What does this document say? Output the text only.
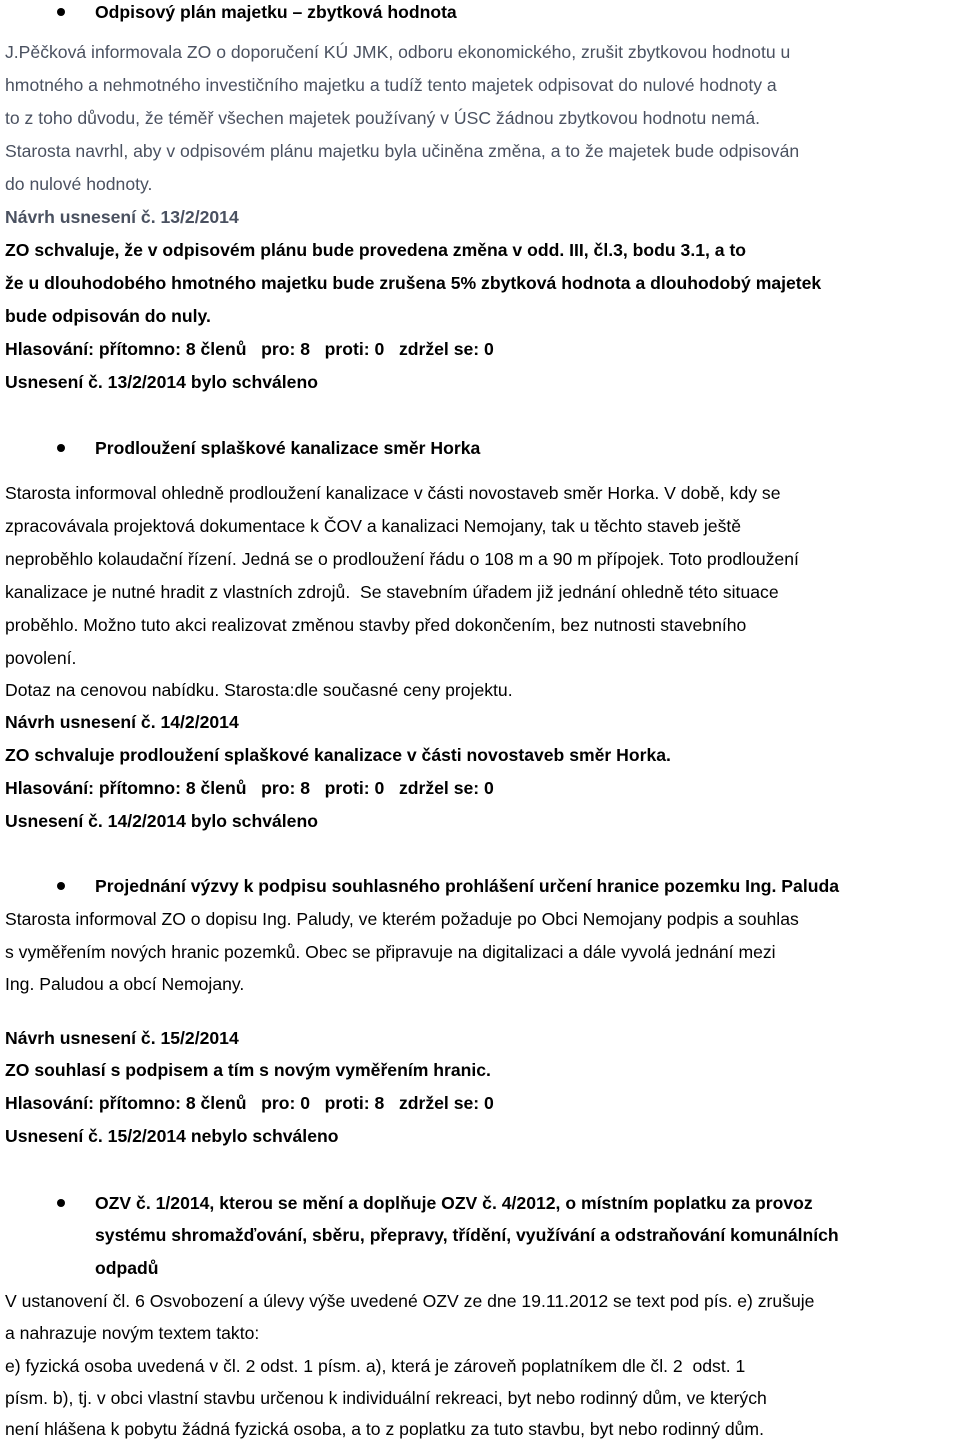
Odpisový plán majetku – zbytková hodnota
J.Pěčková informovala ZO o doporučení KÚ JMK, odboru ekonomického, zrušit zbytkovou hodnotu u
hmotného a nehmotného investičního majetku a tudíž tento majetek odpisovat do nulové hodnoty a
to z toho důvodu, že téměř všechen majetek používaný v ÚSC žádnou zbytkovou hodnotu nemá.
Starosta navrhl, aby v odpisovém plánu majetku byla učiněna změna, a to že majetek bude odpisován
do nulové hodnoty.
Návrh usnesení č. 13/2/2014
ZO schvaluje, že v odpisovém plánu bude provedena změna v odd. III, čl.3, bodu 3.1, a to
že u dlouhodobého hmotného majetku bude zrušena 5% zbytková hodnota a dlouhodobý majetek
bude odpisován do nuly.
Hlasování: přítomno: 8 členů   pro: 8   proti: 0   zdržel se: 0
Usnesení č. 13/2/2014 bylo schváleno
Prodloužení splaškové kanalizace směr Horka
Starosta informoval ohledně prodloužení kanalizace v části novostaveb směr Horka. V době, kdy se
zpracovávala projektová dokumentace k ČOV a kanalizaci Nemojany, tak u těchto staveb ještě
neproběhlo kolaudační řízení. Jedná se o prodloužení řádu o 108 m a 90 m přípojek. Toto prodloužení
kanalizace je nutné hradit z vlastních zdrojů.  Se stavebním úřadem již jednání ohledně této situace
proběhlo. Možno tuto akci realizovat změnou stavby před dokončením, bez nutnosti stavebního
povolení.
Dotaz na cenovou nabídku. Starosta:dle současné ceny projektu.
Návrh usnesení č. 14/2/2014
ZO schvaluje prodloužení splaškové kanalizace v části novostaveb směr Horka.
Hlasování: přítomno: 8 členů   pro: 8   proti: 0   zdržel se: 0
Usnesení č. 14/2/2014 bylo schváleno
Projednání výzvy k podpisu souhlasného prohlášení určení hranice pozemku Ing. Paluda
Starosta informoval ZO o dopisu Ing. Paludy, ve kterém požaduje po Obci Nemojany podpis a souhlas
s vyměřením nových hranic pozemků. Obec se připravuje na digitalizaci a dále vyvolá jednání mezi
Ing. Paludou a obcí Nemojany.
Návrh usnesení č. 15/2/2014
ZO souhlasí s podpisem a tím s novým vyměřením hranic.
Hlasování: přítomno: 8 členů   pro: 0   proti: 8   zdržel se: 0
Usnesení č. 15/2/2014 nebylo schváleno
OZV č. 1/2014, kterou se mění a doplňuje OZV č. 4/2012, o místním poplatku za provoz
systému shromažďování, sběru, přepravy, třídění, využívání a odstraňování komunálních
odpadů
V ustanovení čl. 6 Osvobození a úlevy výše uvedené OZV ze dne 19.11.2012 se text pod pís. e) zrušuje
a nahrazuje novým textem takto:
e) fyzická osoba uvedená v čl. 2 odst. 1 písm. a), která je zároveň poplatníkem dle čl. 2  odst. 1
písm. b), tj. v obci vlastní stavbu určenou k individuální rekreaci, byt nebo rodinný dům, ve kterých
není hlášena k pobytu žádná fyzická osoba, a to z poplatku za tuto stavbu, byt nebo rodinný dům.
